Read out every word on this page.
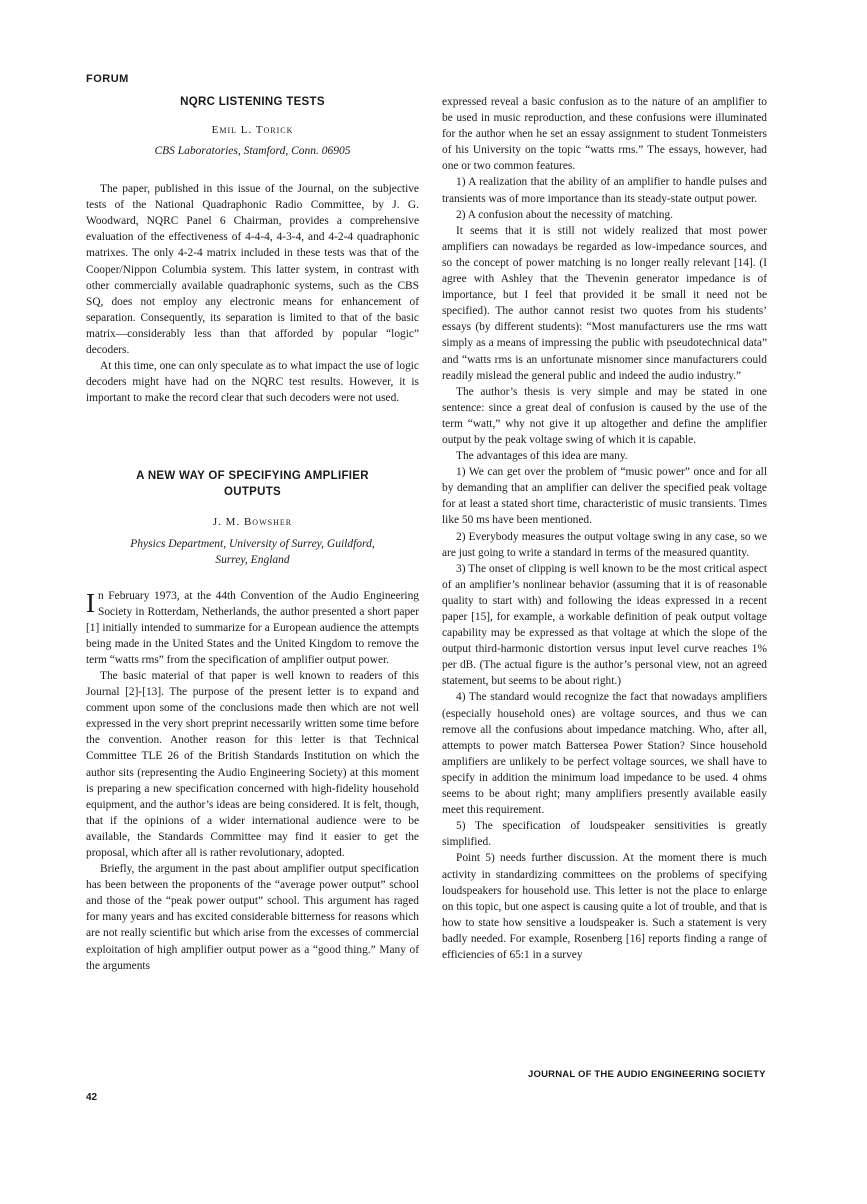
FORUM
NQRC LISTENING TESTS
Emil L. Torick
CBS Laboratories, Stamford, Conn. 06905

The paper, published in this issue of the Journal, on the subjective tests of the National Quadraphonic Radio Committee, by J. G. Woodward, NQRC Panel 6 Chairman, provides a comprehensive evaluation of the effectiveness of 4-4-4, 4-3-4, and 4-2-4 quadraphonic matrixes. The only 4-2-4 matrix included in these tests was that of the Cooper/Nippon Columbia system. This latter system, in contrast with other commercially available quadraphonic systems, such as the CBS SQ, does not employ any electronic means for enhancement of separation. Consequently, its separation is limited to that of the basic matrix—considerably less than that afforded by popular “logic” decoders.

At this time, one can only speculate as to what impact the use of logic decoders might have had on the NQRC test results. However, it is important to make the record clear that such decoders were not used.

A NEW WAY OF SPECIFYING AMPLIFIER OUTPUTS
J. M. Bowsher
Physics Department, University of Surrey, Guildford,
Surrey, England

In February 1973, at the 44th Convention of the Audio Engineering Society in Rotterdam, Netherlands, the author presented a short paper [1] initially intended to summarize for a European audience the attempts being made in the United States and the United Kingdom to remove the term “watts rms” from the specification of amplifier output power.

The basic material of that paper is well known to readers of this Journal [2]-[13]. The purpose of the present letter is to expand and comment upon some of the conclusions made then which are not well expressed in the very short preprint necessarily written some time before the convention. Another reason for this letter is that Technical Committee TLE 26 of the British Standards Institution on which the author sits (representing the Audio Engineering Society) at this moment is preparing a new specification concerned with high-fidelity household equipment, and the author’s ideas are being considered. It is felt, though, that if the opinions of a wider international audience were to be available, the Standards Committee may find it easier to get the proposal, which after all is rather revolutionary, adopted.

Briefly, the argument in the past about amplifier output specification has been between the proponents of the “average power output” school and those of the “peak power output” school. This argument has raged for many years and has excited considerable bitterness for reasons which are not really scientific but which arise from the excesses of commercial exploitation of high amplifier output power as a “good thing.” Many of the arguments

expressed reveal a basic confusion as to the nature of an amplifier to be used in music reproduction, and these confusions were illuminated for the author when he set an essay assignment to student Tonmeisters of his University on the topic “watts rms.” The essays, however, had one or two common features.

1) A realization that the ability of an amplifier to handle pulses and transients was of more importance than its steady-state output power.

2) A confusion about the necessity of matching.

It seems that it is still not widely realized that most power amplifiers can nowadays be regarded as low-impedance sources, and so the concept of power matching is no longer really relevant [14]. (I agree with Ashley that the Thevenin generator impedance is of importance, but I feel that provided it be small it need not be specified). The author cannot resist two quotes from his students’ essays (by different students): “Most manufacturers use the rms watt simply as a means of impressing the public with pseudotechnical data” and “watts rms is an unfortunate misnomer since manufacturers could readily mislead the general public and indeed the audio industry.”

The author’s thesis is very simple and may be stated in one sentence: since a great deal of confusion is caused by the use of the term “watt,” why not give it up altogether and define the amplifier output by the peak voltage swing of which it is capable.

The advantages of this idea are many.

1) We can get over the problem of “music power” once and for all by demanding that an amplifier can deliver the specified peak voltage for at least a stated short time, characteristic of music transients. Times like 50 ms have been mentioned.

2) Everybody measures the output voltage swing in any case, so we are just going to write a standard in terms of the measured quantity.

3) The onset of clipping is well known to be the most critical aspect of an amplifier’s nonlinear behavior (assuming that it is of reasonable quality to start with) and following the ideas expressed in a recent paper [15], for example, a workable definition of peak output voltage capability may be expressed as that voltage at which the slope of the output third-harmonic distortion versus input level curve reaches 1% per dB. (The actual figure is the author’s personal view, not an agreed statement, but seems to be about right.)

4) The standard would recognize the fact that nowadays amplifiers (especially household ones) are voltage sources, and thus we can remove all the confusions about impedance matching. Who, after all, attempts to power match Battersea Power Station? Since household amplifiers are unlikely to be perfect voltage sources, we shall have to specify in addition the minimum load impedance to be used. 4 ohms seems to be about right; many amplifiers presently available easily meet this requirement.

5) The specification of loudspeaker sensitivities is greatly simplified.

Point 5) needs further discussion. At the moment there is much activity in standardizing committees on the problems of specifying loudspeakers for household use. This letter is not the place to enlarge on this topic, but one aspect is causing quite a lot of trouble, and that is how to state how sensitive a loudspeaker is. Such a statement is very badly needed. For example, Rosenberg [16] reports finding a range of efficiencies of 65:1 in a survey

JOURNAL OF THE AUDIO ENGINEERING SOCIETY
42
